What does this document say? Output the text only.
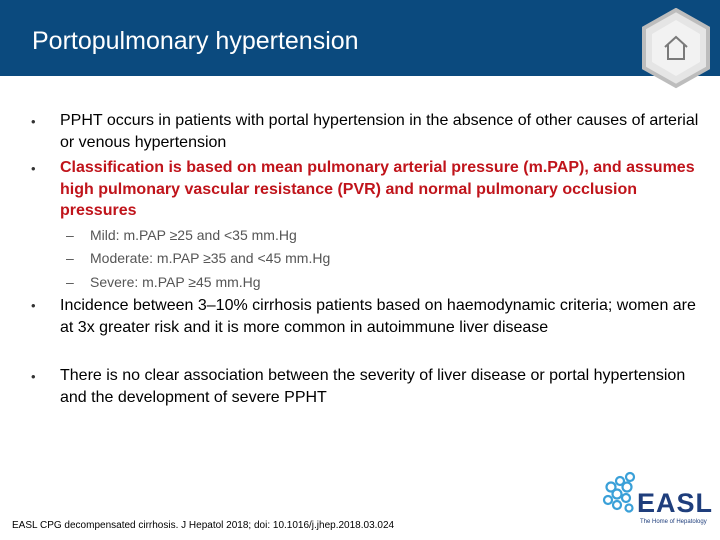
Portopulmonary hypertension
•	PPHT occurs in patients with portal hypertension in the absence of other causes of arterial or venous hypertension
•	Classification is based on mean pulmonary arterial pressure (m.PAP), and assumes high pulmonary vascular resistance (PVR) and normal pulmonary occlusion pressures
– Mild: m.PAP ≥25 and <35 mm.Hg
– Moderate: m.PAP ≥35 and <45 mm.Hg
– Severe: m.PAP ≥45 mm.Hg
•	Incidence between 3–10% cirrhosis patients based on haemodynamic criteria; women are at 3x greater risk and it is more common in autoimmune liver disease
•	There is no clear association between the severity of liver disease or portal hypertension and the development of severe PPHT
EASL CPG decompensated cirrhosis. J Hepatol 2018; doi: 10.1016/j.jhep.2018.03.024
EASL
The Home of Hepatology
